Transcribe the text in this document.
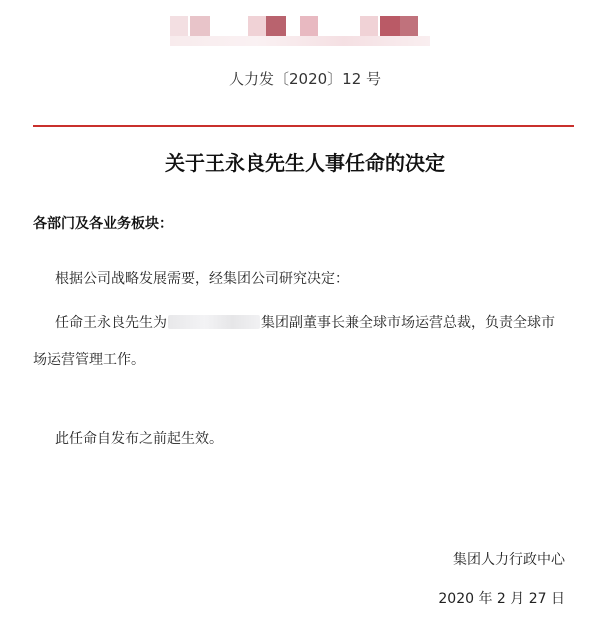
人力发〔2020〕12 号
关于王永良先生人事任命的决定
各部门及各业务板块：
根据公司战略发展需要，经集团公司研究决定：
任命王永良先生为	集团副董事长兼全球市场运营总裁，负责全球市
场运营管理工作。
此任命自发布之前起生效。
集团人力行政中心
2020 年 2 月 27 日
